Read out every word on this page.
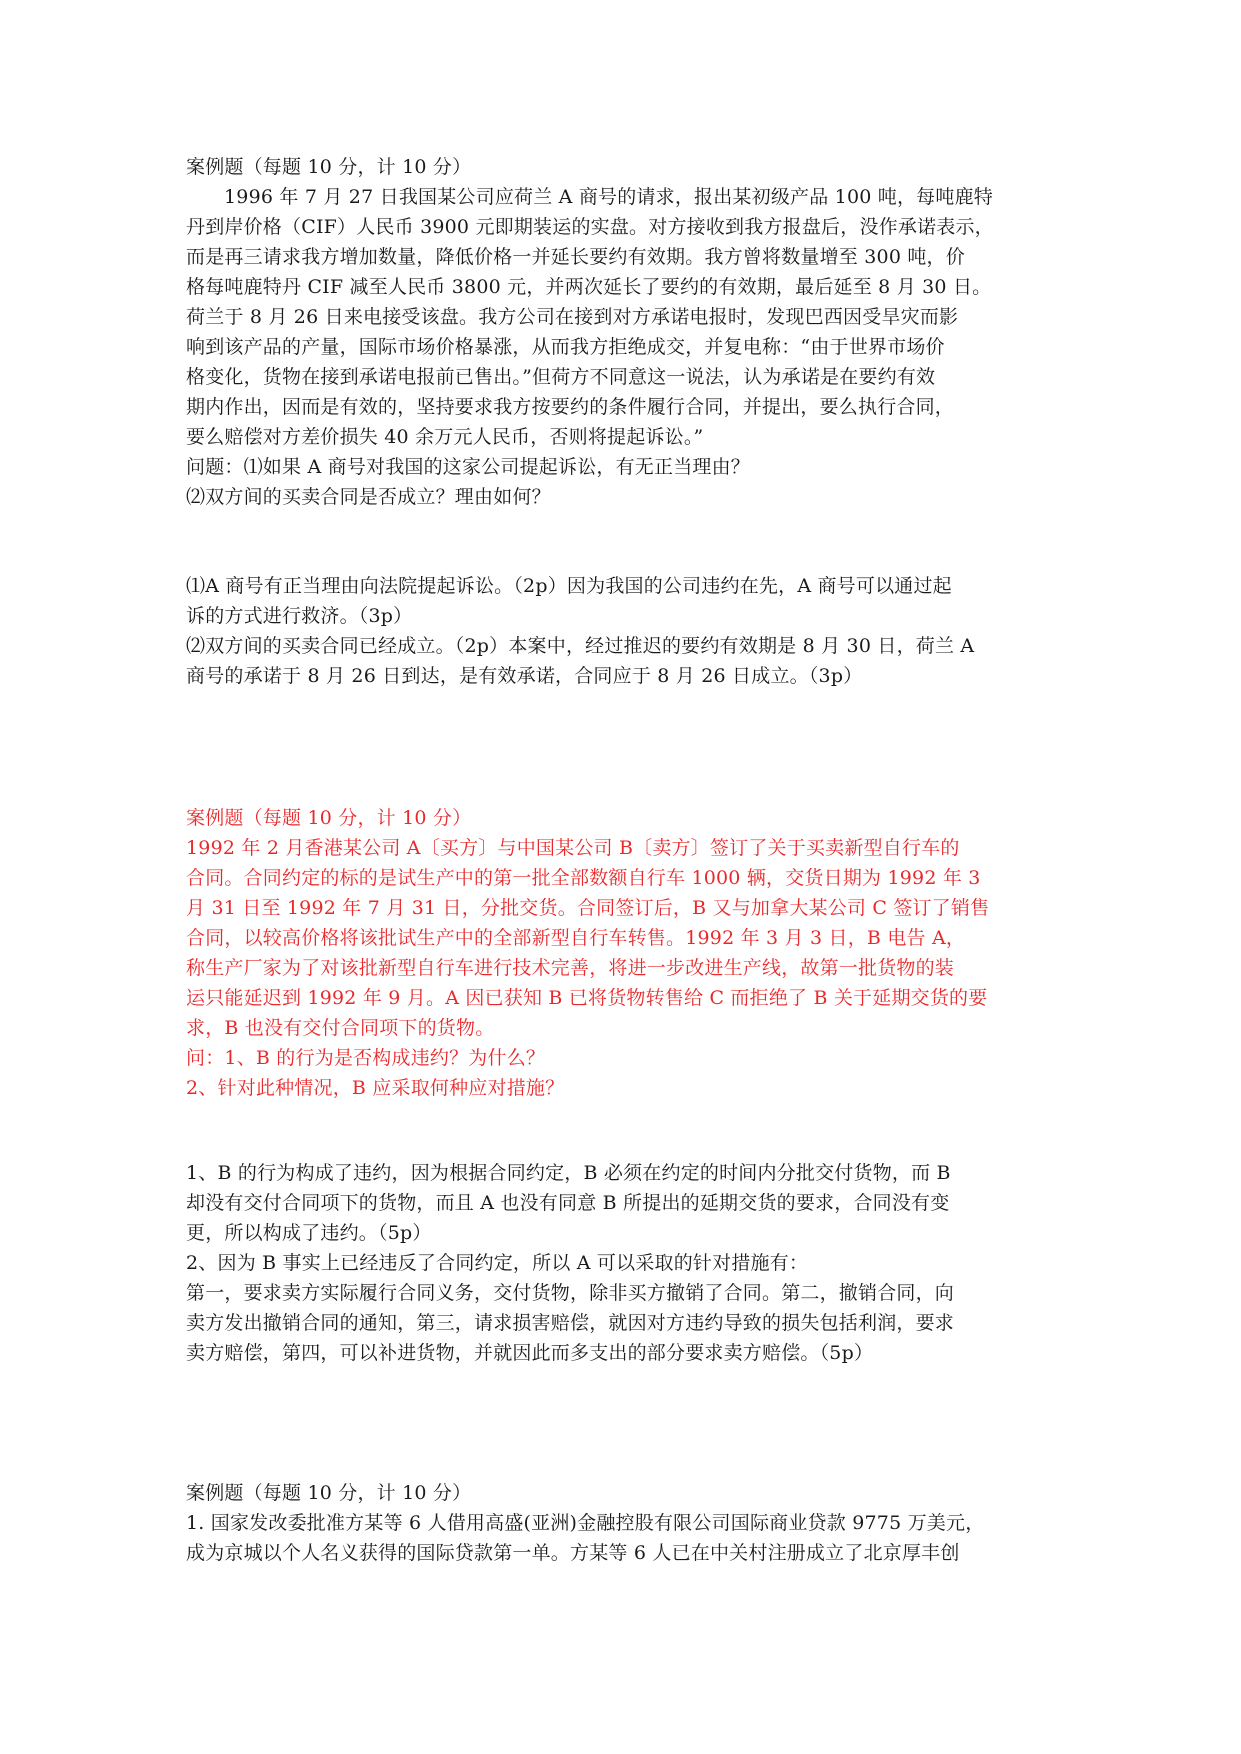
案例题（每题 10 分，计 10 分）
1996 年 7 月 27 日我国某公司应荷兰 A 商号的请求，报出某初级产品 100 吨，每吨鹿特
丹到岸价格（CIF）人民币 3900 元即期装运的实盘。对方接收到我方报盘后，没作承诺表示，
而是再三请求我方增加数量，降低价格一并延长要约有效期。我方曾将数量增至 300 吨，价
格每吨鹿特丹 CIF 减至人民币 3800 元，并两次延长了要约的有效期，最后延至 8 月 30 日。
荷兰于 8 月 26 日来电接受该盘。我方公司在接到对方承诺电报时，发现巴西因受旱灾而影
响到该产品的产量，国际市场价格暴涨，从而我方拒绝成交，并复电称：“由于世界市场价
格变化，货物在接到承诺电报前已售出。”但荷方不同意这一说法，认为承诺是在要约有效
期内作出，因而是有效的，坚持要求我方按要约的条件履行合同，并提出，要么执行合同，
要么赔偿对方差价损失 40 余万元人民币，否则将提起诉讼。”
问题：⑴如果 A 商号对我国的这家公司提起诉讼，有无正当理由？
⑵双方间的买卖合同是否成立？理由如何？
⑴A 商号有正当理由向法院提起诉讼。（2p）因为我国的公司违约在先，A 商号可以通过起
诉的方式进行救济。（3p）
⑵双方间的买卖合同已经成立。（2p）本案中，经过推迟的要约有效期是 8 月 30 日，荷兰 A
商号的承诺于 8 月 26 日到达，是有效承诺，合同应于 8 月 26 日成立。（3p）
案例题（每题 10 分，计 10 分）
1992 年 2 月香港某公司 A〔买方〕与中国某公司 B〔卖方〕签订了关于买卖新型自行车的
合同。合同约定的标的是试生产中的第一批全部数额自行车 1000 辆，交货日期为 1992 年 3
月 31 日至 1992 年 7 月 31 日，分批交货。合同签订后，B 又与加拿大某公司 C 签订了销售
合同，以较高价格将该批试生产中的全部新型自行车转售。1992 年 3 月 3 日，B 电告 A，
称生产厂家为了对该批新型自行车进行技术完善，将进一步改进生产线，故第一批货物的装
运只能延迟到 1992 年 9 月。A 因已获知 B 已将货物转售给 C 而拒绝了 B 关于延期交货的要
求，B 也没有交付合同项下的货物。
问：1、B 的行为是否构成违约？为什么？
2、针对此种情况，B 应采取何种应对措施？
1、B 的行为构成了违约，因为根据合同约定，B 必须在约定的时间内分批交付货物，而 B
却没有交付合同项下的货物，而且 A 也没有同意 B 所提出的延期交货的要求，合同没有变
更，所以构成了违约。（5p）
2、因为 B 事实上已经违反了合同约定，所以 A 可以采取的针对措施有：
第一，要求卖方实际履行合同义务，交付货物，除非买方撤销了合同。第二，撤销合同，向
卖方发出撤销合同的通知，第三，请求损害赔偿，就因对方违约导致的损失包括利润，要求
卖方赔偿，第四，可以补进货物，并就因此而多支出的部分要求卖方赔偿。（5p）
案例题（每题 10 分，计 10 分）
1. 国家发改委批准方某等 6 人借用高盛(亚洲)金融控股有限公司国际商业贷款 9775 万美元，
成为京城以个人名义获得的国际贷款第一单。方某等 6 人已在中关村注册成立了北京厚丰创
